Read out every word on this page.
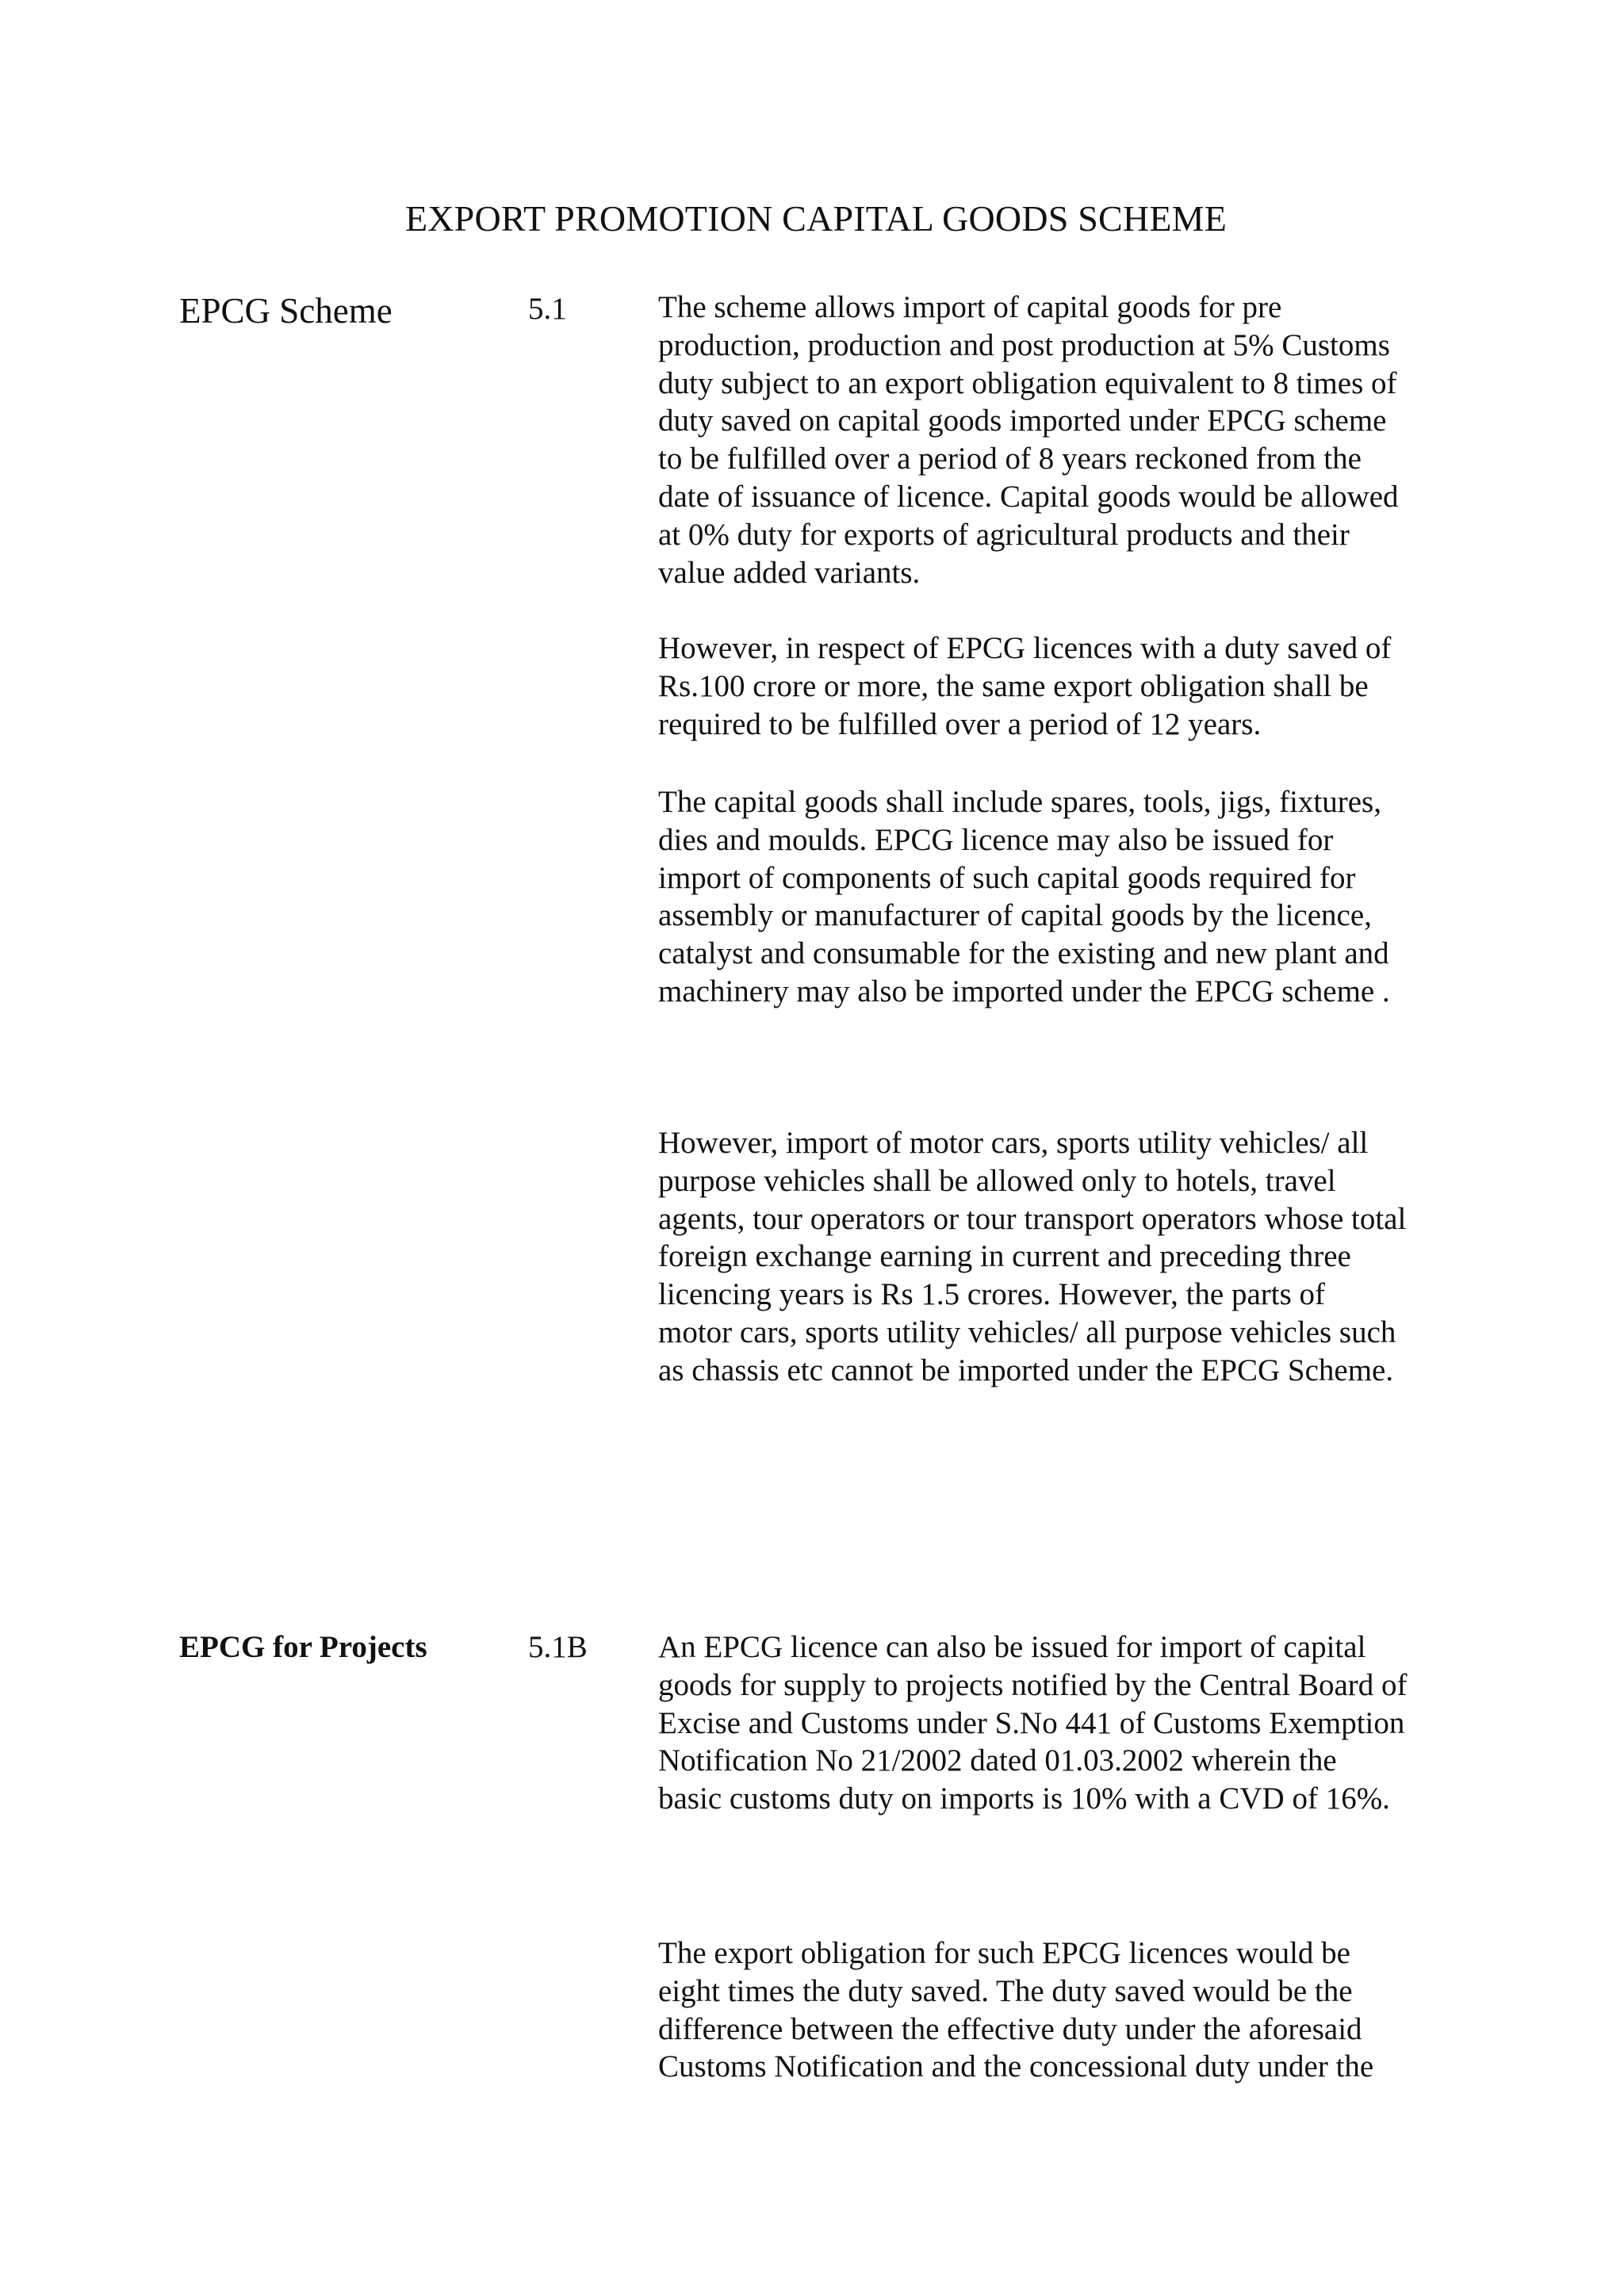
EXPORT PROMOTION CAPITAL GOODS SCHEME
EPCG Scheme	5.1	The scheme allows import of capital goods for pre
production, production and post production at 5% Customs
duty subject to an export obligation equivalent to 8 times of
duty saved on capital goods imported under EPCG scheme
to be fulfilled over a period of 8 years reckoned from the
date of issuance of licence. Capital goods would be allowed
at 0% duty for exports of agricultural products and their
value added variants.

However, in respect of EPCG licences with a duty saved of
Rs.100 crore or more, the same export obligation shall be
required to be fulfilled over a period of 12 years.

The capital goods shall include spares, tools, jigs, fixtures,
dies and moulds. EPCG licence may also be issued for
import of components of such capital goods required for
assembly or manufacturer of capital goods by the licence,
catalyst and consumable for the existing and new plant and
machinery may also be imported under the EPCG scheme .

However, import of motor cars, sports utility vehicles/ all
purpose vehicles shall be allowed only to hotels, travel
agents, tour operators or tour transport operators whose total
foreign exchange earning in current and preceding three
licencing years is Rs 1.5 crores. However, the parts of
motor cars, sports utility vehicles/ all purpose vehicles such
as chassis etc cannot be imported under the EPCG Scheme.

EPCG for Projects	5.1B An EPCG licence can also be issued for import of capital
goods for supply to projects notified by the Central Board of
Excise and Customs under S.No 441 of Customs Exemption
Notification No 21/2002 dated 01.03.2002 wherein the
basic customs duty on imports is 10% with a CVD of 16%.

The export obligation for such EPCG licences would be
eight times the duty saved. The duty saved would be the
difference between the effective duty under the aforesaid
Customs Notification and the concessional duty under the
